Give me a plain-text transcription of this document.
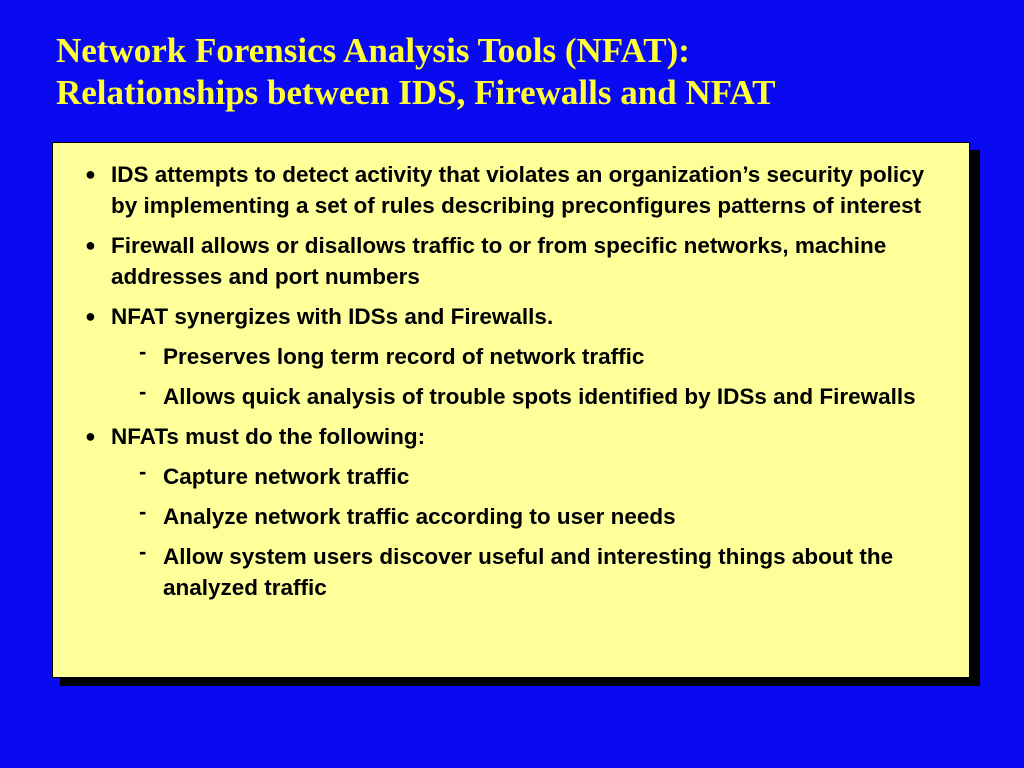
Network Forensics Analysis Tools (NFAT):
Relationships between IDS, Firewalls and NFAT
● IDS attempts to detect activity that violates an organization’s security policy by implementing a set of rules describing preconfigures patterns of interest
● Firewall allows or disallows traffic to or from specific networks, machine addresses and port numbers
● NFAT synergizes with IDSs and Firewalls.
- Preserves long term record of network traffic
- Allows quick analysis of trouble spots identified by IDSs and Firewalls
● NFATs must do the following:
- Capture network traffic
- Analyze network traffic according to user needs
- Allow system users discover useful and interesting things about the analyzed traffic
